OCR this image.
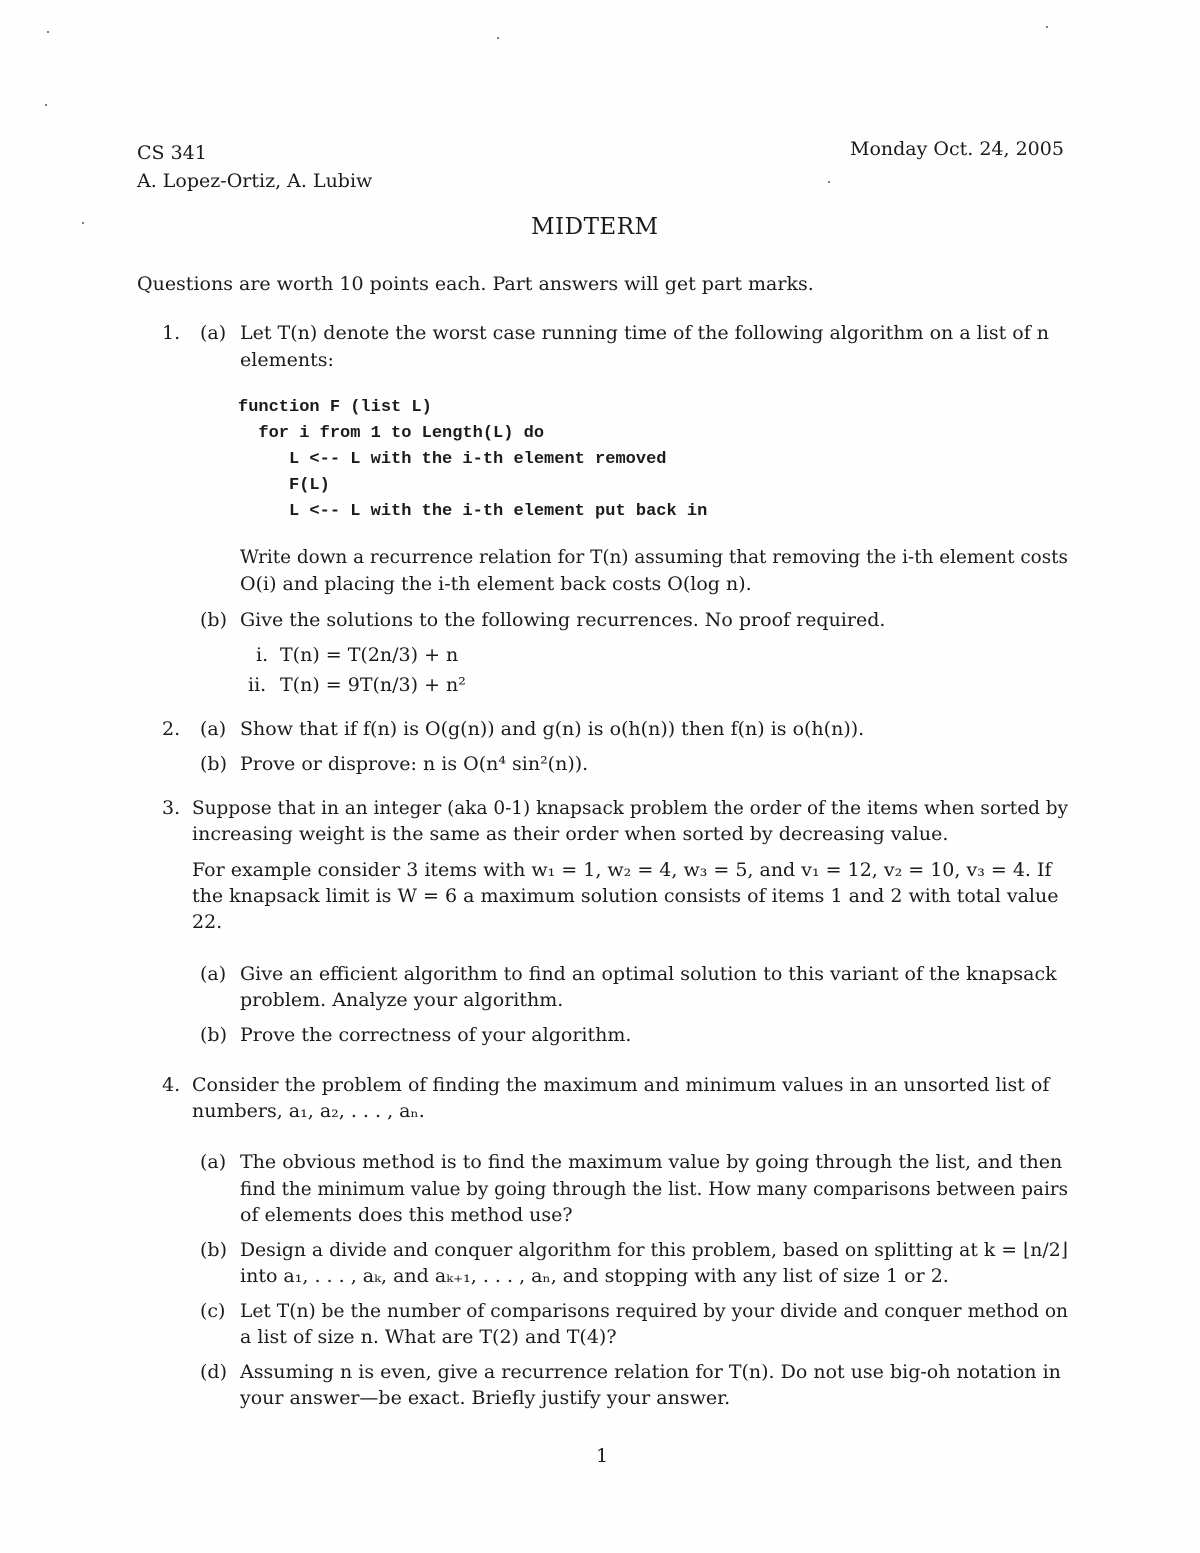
CS 341
A. Lopez-Ortiz, A. Lubiw
Monday Oct. 24, 2005
MIDTERM
Questions are worth 10 points each. Part answers will get part marks.
1. (a) Let T(n) denote the worst case running time of the following algorithm on a list of n
elements:
function F (list L)
for i from 1 to Length(L) do
L <-- L with the i-th element removed
F(L)
L <-- L with the i-th element put back in
Write down a recurrence relation for T(n) assuming that removing the i-th element costs
O(i) and placing the i-th element back costs O(log n).
(b) Give the solutions to the following recurrences. No proof required.
i. T(n) = T(2n/3) + n
ii. T(n) = 9T(n/3) + n²
2. (a) Show that if f(n) is O(g(n)) and g(n) is o(h(n)) then f(n) is o(h(n)).
(b) Prove or disprove: n is O(n⁴ sin²(n)).
3. Suppose that in an integer (aka 0-1) knapsack problem the order of the items when sorted by
increasing weight is the same as their order when sorted by decreasing value.
For example consider 3 items with w₁ = 1, w₂ = 4, w₃ = 5, and v₁ = 12, v₂ = 10, v₃ = 4. If
the knapsack limit is W = 6 a maximum solution consists of items 1 and 2 with total value
22.
(a) Give an efficient algorithm to find an optimal solution to this variant of the knapsack
problem. Analyze your algorithm.
(b) Prove the correctness of your algorithm.
4. Consider the problem of finding the maximum and minimum values in an unsorted list of
numbers, a₁, a₂, . . . , aₙ.
(a) The obvious method is to find the maximum value by going through the list, and then
find the minimum value by going through the list. How many comparisons between pairs
of elements does this method use?
(b) Design a divide and conquer algorithm for this problem, based on splitting at k = ⌊n/2⌋
into a₁, . . . , aₖ, and aₖ₊₁, . . . , aₙ, and stopping with any list of size 1 or 2.
(c) Let T(n) be the number of comparisons required by your divide and conquer method on
a list of size n. What are T(2) and T(4)?
(d) Assuming n is even, give a recurrence relation for T(n). Do not use big-oh notation in
your answer—be exact. Briefly justify your answer.
1
